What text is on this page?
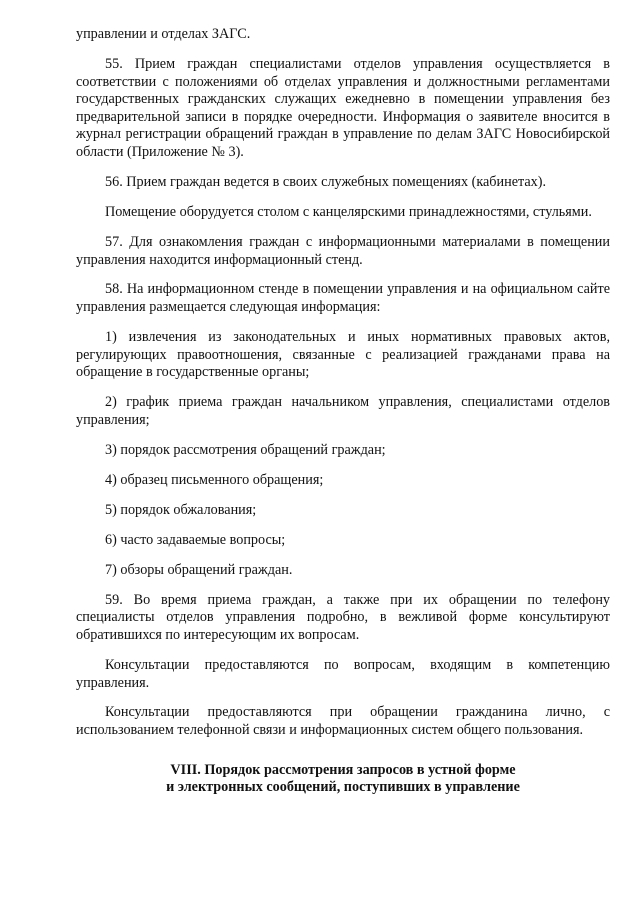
управлении и отделах ЗАГС.

55. Прием граждан специалистами отделов управления осуществляется в соответствии с положениями об отделах управления и должностными регламентами государственных гражданских служащих ежедневно в помещении управления без предварительной записи в порядке очередности. Информация о заявителе вносится в журнал регистрации обращений граждан в управление по делам ЗАГС Новосибирской области (Приложение № 3).

56. Прием граждан ведется в своих служебных помещениях (кабинетах).

Помещение оборудуется столом с канцелярскими принадлежностями, стульями.

57. Для ознакомления граждан с информационными материалами в помещении управления находится информационный стенд.

58. На информационном стенде в помещении управления и на официальном сайте управления размещается следующая информация:

1) извлечения из законодательных и иных нормативных правовых актов, регулирующих правоотношения, связанные с реализацией гражданами права на обращение в государственные органы;

2) график приема граждан начальником управления, специалистами отделов управления;

3) порядок рассмотрения обращений граждан;

4) образец письменного обращения;

5) порядок обжалования;

6) часто задаваемые вопросы;

7) обзоры обращений граждан.

59. Во время приема граждан, а также при их обращении по телефону специалисты отделов управления подробно, в вежливой форме консультируют обратившихся по интересующим их вопросам.

Консультации предоставляются по вопросам, входящим в компетенцию управления.

Консультации предоставляются при обращении гражданина лично, с использованием телефонной связи и информационных систем общего пользования.

VIII. Порядок рассмотрения запросов в устной форме
и электронных сообщений, поступивших в управление
